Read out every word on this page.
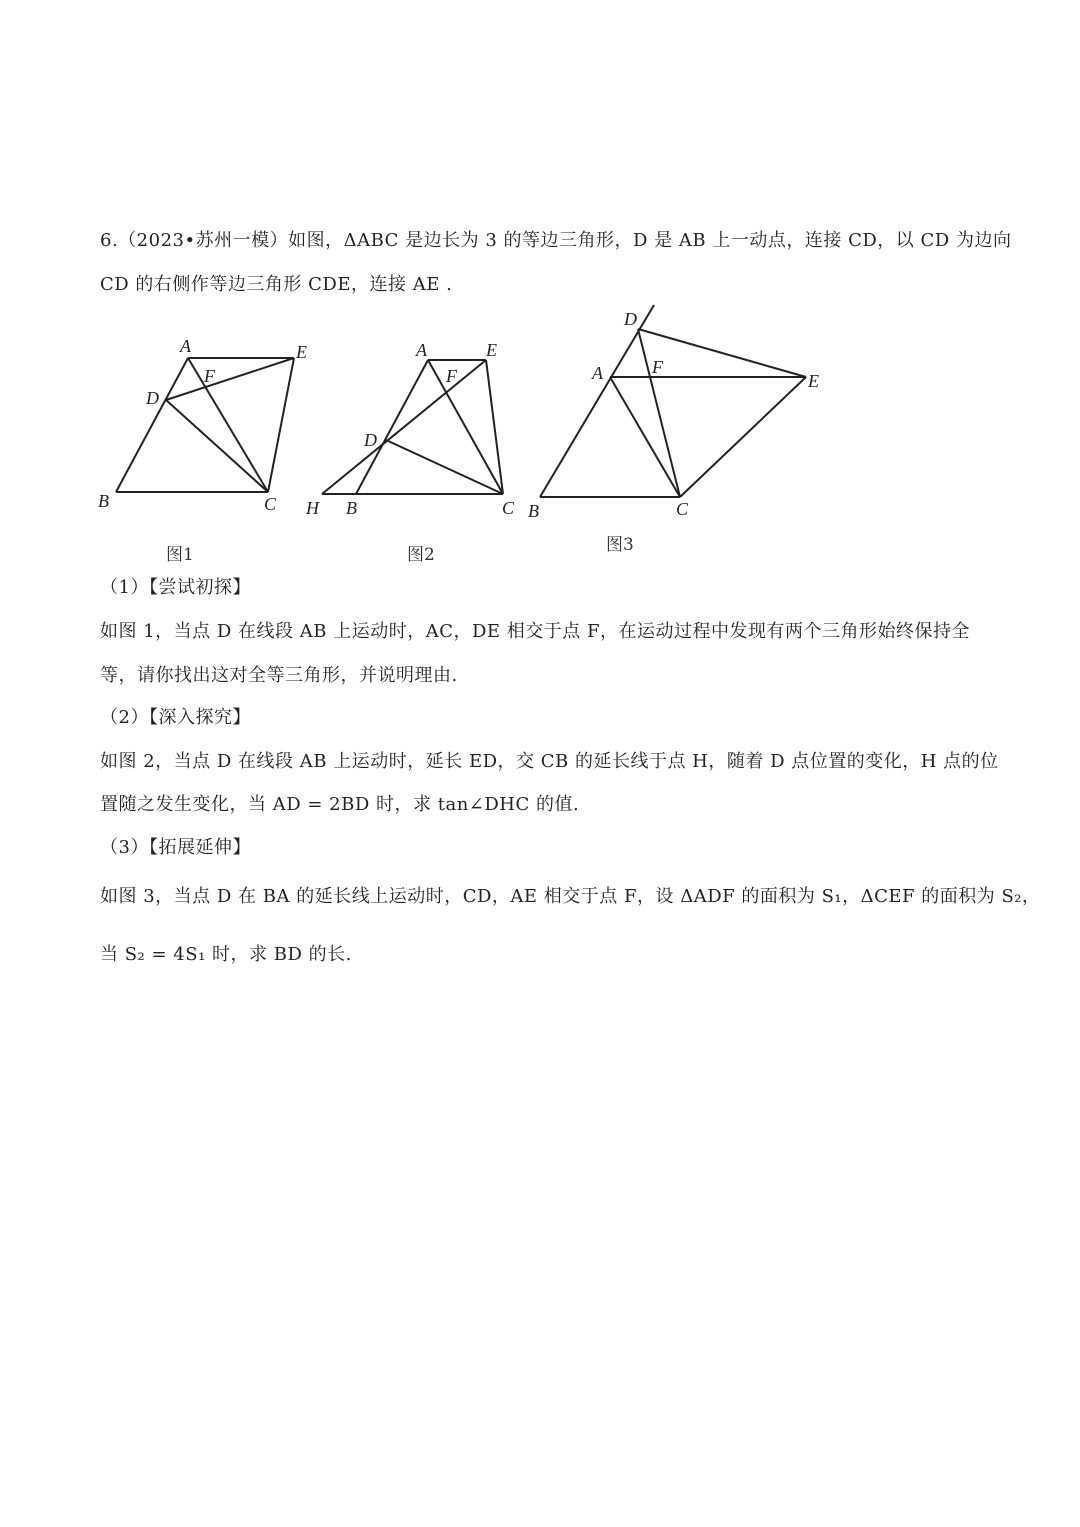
6.（2023•苏州一模）如图，ΔABC 是边长为 3 的等边三角形，D 是 AB 上一动点，连接 CD，以 CD 为边向
CD 的右侧作等边三角形 CDE，连接 AE .
A
B	C
D
E
F
图1
A	E
F
D
H B	C
图2
D
A	F
E
B	C
图3
（1）【尝试初探】
如图 1，当点 D 在线段 AB 上运动时，AC，DE 相交于点 F，在运动过程中发现有两个三角形始终保持全
等，请你找出这对全等三角形，并说明理由.
（2）【深入探究】
如图 2，当点 D 在线段 AB 上运动时，延长 ED，交 CB 的延长线于点 H，随着 D 点位置的变化，H 点的位
置随之发生变化，当 AD = 2BD 时，求 tan∠DHC 的值.
（3）【拓展延伸】
如图 3，当点 D 在 BA 的延长线上运动时，CD，AE 相交于点 F，设 ΔADF 的面积为 S₁，ΔCEF 的面积为 S₂，
当 S₂ = 4S₁ 时，求 BD 的长.
